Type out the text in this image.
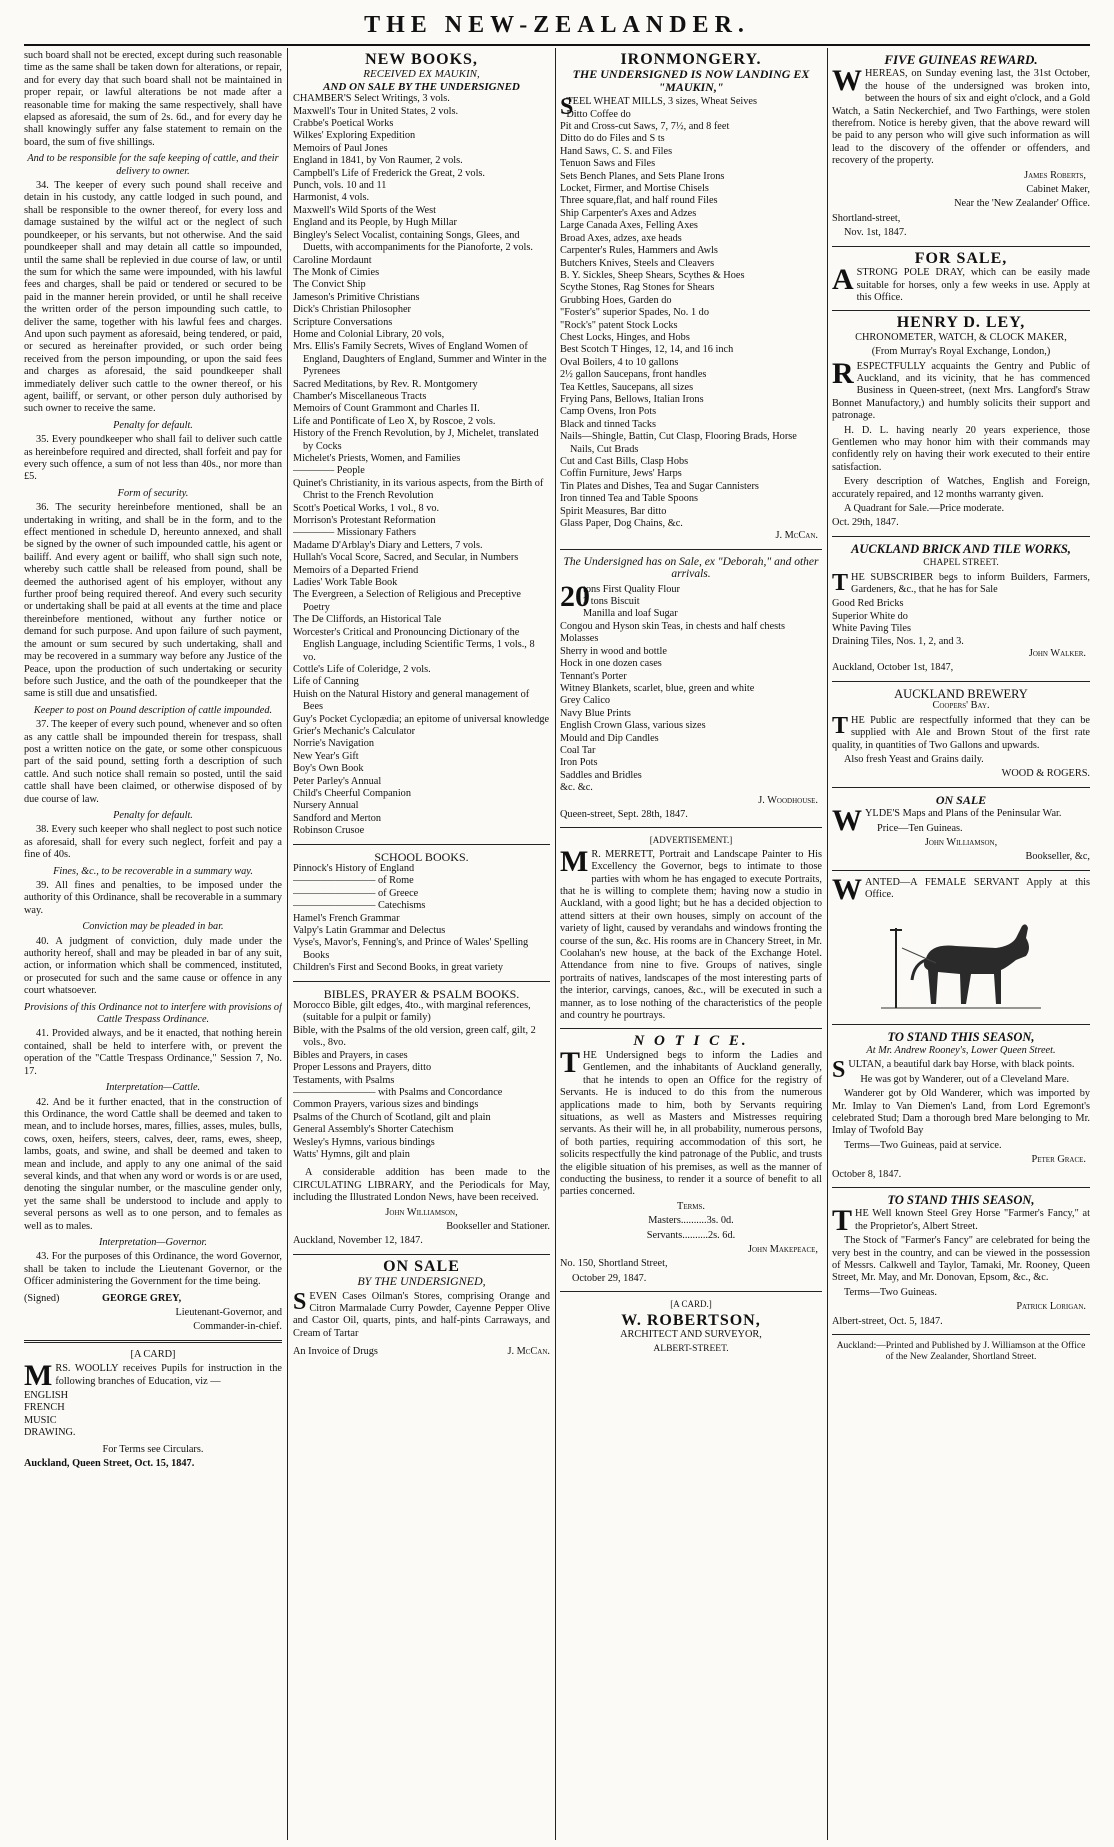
THE NEW-ZEALANDER.

such board shall not be erected, except during such reasonable time as the same shall be taken down for alterations, or repair, and for every day that such board shall not be maintained in proper repair, or lawful alterations be not made after a reasonable time for making the same respectively, shall have elapsed as aforesaid, the sum of 2s. 6d., and for every day he shall knowingly suffer any false statement to remain on the board, the sum of five shillings.

And to be responsible for the safe keeping of cattle, and their delivery to owner.

34. The keeper of every such pound shall receive and detain in his custody, any cattle lodged in such pound, and shall be responsible to the owner thereof, for every loss and damage sustained by the wilful act or the neglect of such poundkeeper, or his servants, but not otherwise. And the said poundkeeper shall and may detain all cattle so impounded, until the same shall be replevied in due course of law, or until the sum for which the same were impounded, with his lawful fees and charges, shall be paid or tendered or secured to be paid in the manner herein provided, or until he shall receive the written order of the person impounding such cattle, to deliver the same, together with his lawful fees and charges. And upon such payment as aforesaid, being tendered, or paid, or secured as hereinafter provided, or such order being received from the person impounding, or upon the said fees and charges as aforesaid, the said poundkeeper shall immediately deliver such cattle to the owner thereof, or his agent, bailiff, or servant, or other person duly authorised by such owner to receive the same.

Penalty for default.

35. Every poundkeeper who shall fail to deliver such cattle as hereinbefore required and directed, shall forfeit and pay for every such offence, a sum of not less than 40s., nor more than £5.

Form of security.

36. The security hereinbefore mentioned, shall be an undertaking in writing, and shall be in the form, and to the effect mentioned in schedule D, hereunto annexed, and shall be signed by the owner of such impounded cattle, his agent or bailiff. And every agent or bailiff, who shall sign such note, whereby such cattle shall be released from pound, shall be deemed the authorised agent of his employer, without any further proof being required thereof. And every such security or undertaking shall be paid at all events at the time and place thereinbefore mentioned, without any further notice or demand for such purpose. And upon failure of such payment, the amount or sum secured by such undertaking, shall and may be recovered in a summary way before any Justice of the Peace, upon the production of such undertaking or security before such Justice, and the oath of the poundkeeper that the same is still due and unsatisfied.

Keeper to post on Pound description of cattle impounded.

37. The keeper of every such pound, whenever and so often as any cattle shall be impounded therein for trespass, shall post a written notice on the gate, or some other conspicuous part of the said pound, setting forth a description of such cattle. And such notice shall remain so posted, until the said cattle shall have been claimed, or otherwise disposed of by due course of law.

Penalty for default.

38. Every such keeper who shall neglect to post such notice as aforesaid, shall for every such neglect, forfeit and pay a fine of 40s.

Fines, &c., to be recoverable in a summary way.

39. All fines and penalties, to be imposed under the authority of this Ordinance, shall be recoverable in a summary way.

Conviction may be pleaded in bar.

40. A judgment of conviction, duly made under the authority hereof, shall and may be pleaded in bar of any suit, action, or information which shall be commenced, instituted, or prosecuted for such and the same cause or offence in any court whatsoever.

Provisions of this Ordinance not to interfere with provisions of Cattle Trespass Ordinance.

41. Provided always, and be it enacted, that nothing herein contained, shall be held to interfere with, or prevent the operation of the "Cattle Trespass Ordinance," Session 7, No. 17.

Interpretation—Cattle.

42. And be it further enacted, that in the construction of this Ordinance, the word Cattle shall be deemed and taken to mean, and to include horses, mares, fillies, asses, mules, bulls, cows, oxen, heifers, steers, calves, deer, rams, ewes, sheep, lambs, goats, and swine, and shall be deemed and taken to mean and include, and apply to any one animal of the said several kinds, and that when any word or words is or are used, denoting the singular number, or the masculine gender only, yet the same shall be understood to include and apply to several persons as well as to one person, and to females as well as to males.

Interpretation—Governor.

43. For the purposes of this Ordinance, the word Governor, shall be taken to include the Lieutenant Governor, or the Officer administering the Government for the time being.

(Signed)	GEORGE GREY,

Lieutenant-Governor, and

Commander-in-chief.

[A CARD]

MRS. WOOLLY receives Pupils for instruction in the following branches of Education, viz —

ENGLISH
FRENCH
MUSIC
DRAWING.

For Terms see Circulars.

Auckland, Queen Street, Oct. 15, 1847.

NEW BOOKS,
RECEIVED EX MAUKIN,
AND ON SALE BY THE UNDERSIGNED
CHAMBER'S Select Writings, 3 vols.
Maxwell's Tour in United States, 2 vols.
Crabbe's Poetical Works
Wilkes' Exploring Expedition
Memoirs of Paul Jones
England in 1841, by Von Raumer, 2 vols.
Campbell's Life of Frederick the Great, 2 vols.
Punch, vols. 10 and 11
Harmonist, 4 vols.
Maxwell's Wild Sports of the West
England and its People, by Hugh Millar
Bingley's Select Vocalist, containing Songs, Glees, and Duetts, with accompaniments for the Pianoforte, 2 vols.
Caroline Mordaunt
The Monk of Cimies
The Convict Ship
Jameson's Primitive Christians
Dick's Christian Philosopher
Scripture Conversations
Home and Colonial Library, 20 vols,
Mrs. Ellis's Family Secrets, Wives of England Women of England, Daughters of England, Summer and Winter in the Pyrenees
Sacred Meditations, by Rev. R. Montgomery
Chamber's Miscellaneous Tracts
Memoirs of Count Grammont and Charles II.
Life and Pontificate of Leo X, by Roscoe, 2 vols.
History of the French Revolution, by J, Michelet, translated by Cocks
Michelet's Priests, Women, and Families
———— People
Quinet's Christianity, in its various aspects, from the Birth of Christ to the French Revolution
Scott's Poetical Works, 1 vol., 8 vo.
Morrison's Protestant Reformation
———— Missionary Fathers
Madame D'Arblay's Diary and Letters, 7 vols.
Hullah's Vocal Score, Sacred, and Secular, in Numbers
Memoirs of a Departed Friend
Ladies' Work Table Book
The Evergreen, a Selection of Religious and Preceptive Poetry
The De Cliffords, an Historical Tale
Worcester's Critical and Pronouncing Dictionary of the English Language, including Scientific Terms, 1 vols., 8 vo.
Cottle's Life of Coleridge, 2 vols.
Life of Canning
Huish on the Natural History and general management of Bees
Guy's Pocket Cyclopædia; an epitome of universal knowledge
Grier's Mechanic's Calculator
Norrie's Navigation
New Year's Gift
Boy's Own Book
Peter Parley's Annual
Child's Cheerful Companion
Nursery Annual
Sandford and Merton
Robinson Crusoe
SCHOOL BOOKS.
Pinnock's History of England
———————— of Rome
———————— of Greece
———————— Catechisms
Hamel's French Grammar
Valpy's Latin Grammar and Delectus
Vyse's, Mavor's, Fenning's, and Prince of Wales' Spelling Books
Children's First and Second Books, in great variety
BIBLES, PRAYER & PSALM BOOKS.
Morocco Bible, gilt edges, 4to., with marginal references, (suitable for a pulpit or family)
Bible, with the Psalms of the old version, green calf, gilt, 2 vols., 8vo.
Bibles and Prayers, in cases
Proper Lessons and Prayers, ditto
Testaments, with Psalms
———————— with Psalms and Concordance
Common Prayers, various sizes and bindings
Psalms of the Church of Scotland, gilt and plain
General Assembly's Shorter Catechism
Wesley's Hymns, various bindings
Watts' Hymns, gilt and plain

A considerable addition has been made to the CIRCULATING LIBRARY, and the Periodicals for May, including the Illustrated London News, have been received.

John Williamson,

Bookseller and Stationer.

Auckland, November 12, 1847.

ON SALE
BY THE UNDERSIGNED,

SEVEN Cases Oilman's Stores, comprising Orange and Citron Marmalade Curry Powder, Cayenne Pepper Olive and Castor Oil, quarts, pints, and half-pints Carraways, and Cream of Tartar

An Invoice of Drugs	J. McCan.

IRONMONGERY.
THE UNDERSIGNED IS NOW LANDING EX "MAUKIN,"
S
TEEL WHEAT MILLS, 3 sizes, Wheat Seives
Ditto Coffee do
Pit and Cross-cut Saws, 7, 7½, and 8 feet
Ditto do do Files and S ts
Hand Saws, C. S. and Files
Tenuon Saws and Files
Sets Bench Planes, and Sets Plane Irons
Locket, Firmer, and Mortise Chisels
Three square,flat, and half round Files
Ship Carpenter's Axes and Adzes
Large Canada Axes, Felling Axes
Broad Axes, adzes, axe heads
Carpenter's Rules, Hammers and Awls
Butchers Knives, Steels and Cleavers
B. Y. Sickles, Sheep Shears, Scythes & Hoes
Scythe Stones, Rag Stones for Shears
Grubbing Hoes, Garden do
"Foster's" superior Spades, No. 1 do
"Rock's" patent Stock Locks
Chest Locks, Hinges, and Hobs
Best Scotch T Hinges, 12, 14, and 16 inch
Oval Boilers, 4 to 10 gallons
2½ gallon Saucepans, front handles
Tea Kettles, Saucepans, all sizes
Frying Pans, Bellows, Italian Irons
Camp Ovens, Iron Pots
Black and tinned Tacks
Nails—Shingle, Battin, Cut Clasp, Flooring Brads, Horse Nails, Cut Brads
Cut and Cast Bills, Clasp Hobs
Coffin Furniture, Jews' Harps
Tin Plates and Dishes, Tea and Sugar Cannisters
Iron tinned Tea and Table Spoons
Spirit Measures, Bar ditto
Glass Paper, Dog Chains, &c.

J. McCan.

The Undersigned has on Sale, ex "Deborah," and other arrivals.
20
tons First Quality Flour
3 tons Biscuit
Manilla and loaf Sugar
Congou and Hyson skin Teas, in chests and half chests
Molasses
Sherry in wood and bottle
Hock in one dozen cases
Tennant's Porter
Witney Blankets, scarlet, blue, green and white
Grey Calico
Navy Blue Prints
English Crown Glass, various sizes
Mould and Dip Candles
Coal Tar
Iron Pots
Saddles and Bridles
&c. &c.

J. Woodhouse.

Queen-street, Sept. 28th, 1847.

[ADVERTISEMENT.]

M R. MERRETT, Portrait and Landscape Painter to His Excellency the Governor, begs to intimate to those parties with whom he has engaged to execute Portraits, that he is willing to complete them; having now a studio in Auckland, with a good light; but he has a decided objection to attend sitters at their own houses, simply on account of the variety of light, caused by verandahs and windows fronting the course of the sun, &c. His rooms are in Chancery Street, in Mr. Coolahan's new house, at the back of the Exchange Hotel. Attendance from nine to five. Groups of natives, single portraits of natives, landscapes of the most interesting parts of the interior, carvings, canoes, &c., will be executed in such a manner, as to lose nothing of the characteristics of the people and country he pourtrays.

N O T I C E.

THE Undersigned begs to inform the Ladies and Gentlemen, and the inhabitants of Auckland generally, that he intends to open an Office for the registry of Servants. He is induced to do this from the numerous applications made to him, both by Servants requiring situations, as well as Masters and Mistresses requiring servants. As their will he, in all probability, numerous persons, of both parties, requiring accommodation of this sort, he solicits respectfully the kind patronage of the Public, and trusts the eligible situation of his premises, as well as the manner of conducting the business, to render it a source of benefit to all parties concerned.

Terms.

Masters..........3s. 0d.

Servants..........2s. 6d.

John Makepeace,

No. 150, Shortland Street,

October 29, 1847.

[A CARD.]

W. ROBERTSON,

ARCHITECT AND SURVEYOR,

ALBERT-STREET.

FIVE GUINEAS REWARD.

WHEREAS, on Sunday evening last, the 31st October, the house of the undersigned was broken into, between the hours of six and eight o'clock, and a Gold Watch, a Satin Neckerchief, and Two Farthings, were stolen therefrom. Notice is hereby given, that the above reward will be paid to any person who will give such information as will lead to the discovery of the offender or offenders, and recovery of the property.

James Roberts,

Cabinet Maker,

Near the 'New Zealander' Office.

Shortland-street,

Nov. 1st, 1847.

FOR SALE,

ASTRONG POLE DRAY, which can be easily made suitable for horses, only a few weeks in use. Apply at this Office.

HENRY D. LEY,

CHRONOMETER, WATCH, & CLOCK MAKER,

(From Murray's Royal Exchange, London,)

RESPECTFULLY acquaints the Gentry and Public of Auckland, and its vicinity, that he has commenced Business in Queen-street, (next Mrs. Langford's Straw Bonnet Manufactory,) and humbly solicits their support and patronage.

H. D. L. having nearly 20 years experience, those Gentlemen who may honor him with their commands may confidently rely on having their work executed to their entire satisfaction.

Every description of Watches, English and Foreign, accurately repaired, and 12 months warranty given.

A Quadrant for Sale.—Price moderate.

Oct. 29th, 1847.

AUCKLAND BRICK AND TILE WORKS,

CHAPEL STREET.

THE SUBSCRIBER begs to inform Builders, Farmers, Gardeners, &c., that he has for Sale

Good Red Bricks
Superior White do
White Paving Tiles
Draining Tiles, Nos. 1, 2, and 3.

John Walker.

Auckland, October 1st, 1847,

AUCKLAND BREWERY

Coopers' Bay.

THE Public are respectfully informed that they can be supplied with Ale and Brown Stout of the first rate quality, in quantities of Two Gallons and upwards.

Also fresh Yeast and Grains daily.

WOOD & ROGERS.

ON SALE

WYLDE'S Maps and Plans of the Peninsular War.

Price—Ten Guineas.

John Williamson,

Bookseller, &c,

WANTED—A FEMALE SERVANT Apply at this Office.

TO STAND THIS SEASON,

At Mr. Andrew Rooney's, Lower Queen Street.

SULTAN, a beautiful dark bay Horse, with black points.

He was got by Wanderer, out of a Cleveland Mare.

Wanderer got by Old Wanderer, which was imported by Mr. Imlay to Van Diemen's Land, from Lord Egremont's celebrated Stud; Dam a thorough bred Mare belonging to Mr. Imlay of Twofold Bay

Terms—Two Guineas, paid at service.

Peter Grace.

October 8, 1847.

TO STAND THIS SEASON,

THE Well known Steel Grey Horse "Farmer's Fancy," at the Proprietor's, Albert Street.

The Stock of "Farmer's Fancy" are celebrated for being the very best in the country, and can be viewed in the possession of Messrs. Calkwell and Taylor, Tamaki, Mr. Rooney, Queen Street, Mr. May, and Mr. Donovan, Epsom, &c., &c.

Terms—Two Guineas.

Patrick Lorigan.

Albert-street, Oct. 5, 1847.

Auckland:—Printed and Published by J. Williamson at the Office of the New Zealander, Shortland Street.
